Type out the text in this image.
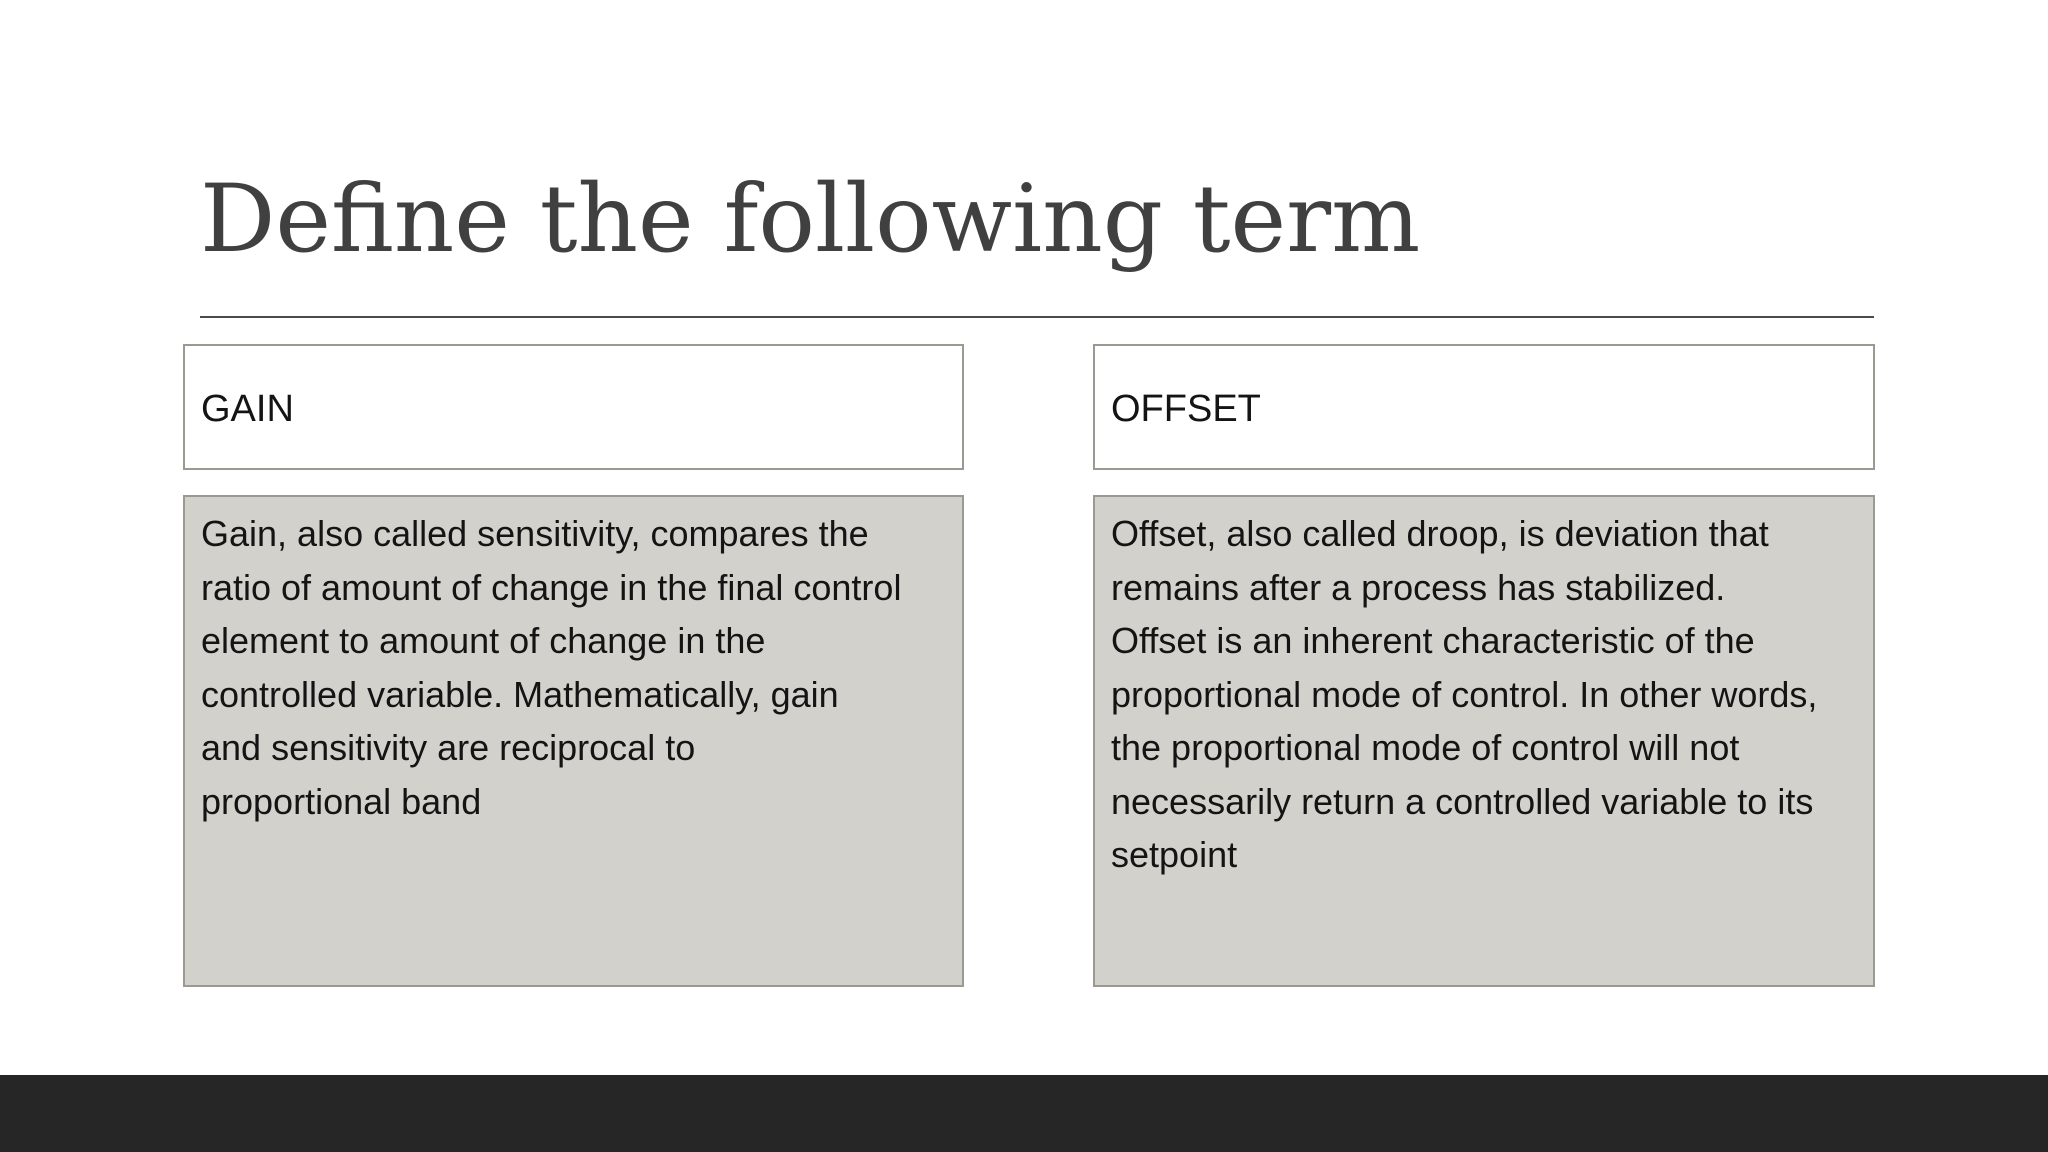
Define the following term
GAIN

Gain, also called sensitivity, compares the

ratio of amount of change in the final control

element to amount of change in the

controlled variable. Mathematically, gain

and sensitivity are reciprocal to

proportional band

OFFSET

Offset, also called droop, is deviation that

remains after a process has stabilized.

Offset is an inherent characteristic of the

proportional mode of control. In other words,

the proportional mode of control will not

necessarily return a controlled variable to its

setpoint
